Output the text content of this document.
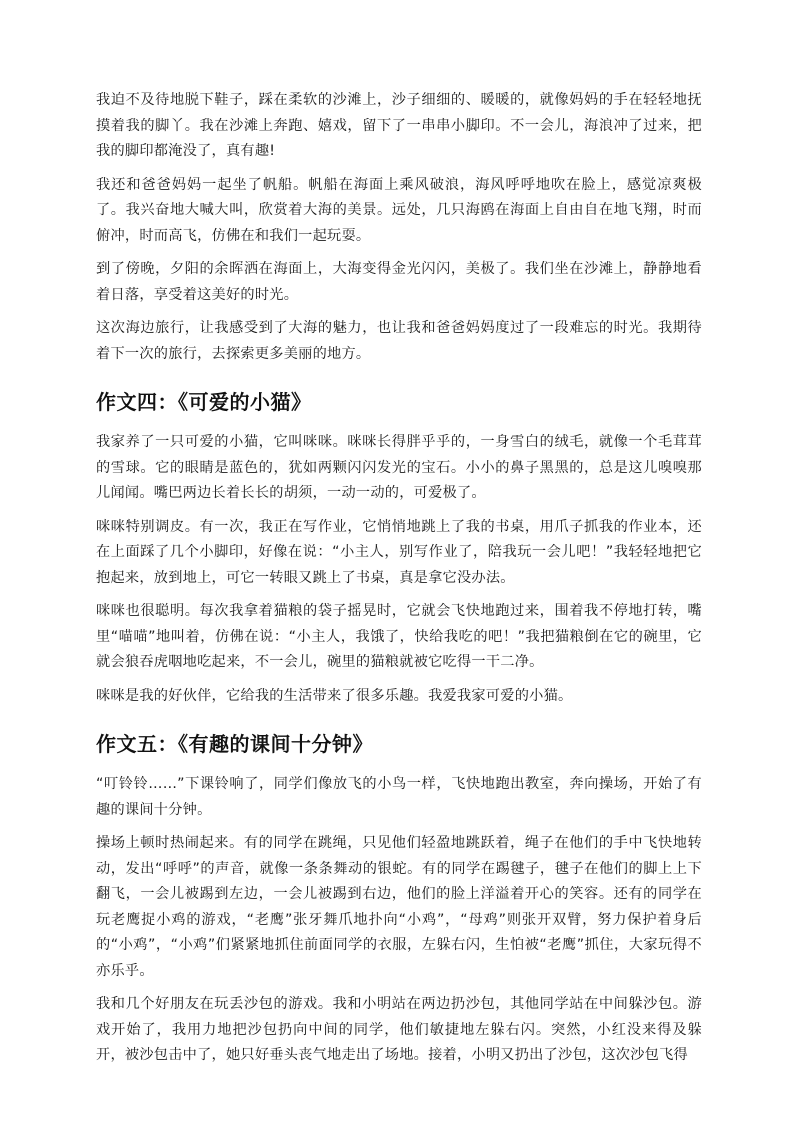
我迫不及待地脱下鞋子，踩在柔软的沙滩上，沙子细细的、暖暖的，就像妈妈的手在轻轻地抚摸着我的脚丫。我在沙滩上奔跑、嬉戏，留下了一串串小脚印。不一会儿，海浪冲了过来，把我的脚印都淹没了，真有趣!

我还和爸爸妈妈一起坐了帆船。帆船在海面上乘风破浪，海风呼呼地吹在脸上，感觉凉爽极了。我兴奋地大喊大叫，欣赏着大海的美景。远处，几只海鸥在海面上自由自在地飞翔，时而俯冲，时而高飞，仿佛在和我们一起玩耍。

到了傍晚，夕阳的余晖洒在海面上，大海变得金光闪闪，美极了。我们坐在沙滩上，静静地看着日落，享受着这美好的时光。

这次海边旅行，让我感受到了大海的魅力，也让我和爸爸妈妈度过了一段难忘的时光。我期待着下一次的旅行，去探索更多美丽的地方。

作文四：《可爱的小猫》

我家养了一只可爱的小猫，它叫咪咪。咪咪长得胖乎乎的，一身雪白的绒毛，就像一个毛茸茸的雪球。它的眼睛是蓝色的，犹如两颗闪闪发光的宝石。小小的鼻子黑黑的，总是这儿嗅嗅那儿闻闻。嘴巴两边长着长长的胡须，一动一动的，可爱极了。

咪咪特别调皮。有一次，我正在写作业，它悄悄地跳上了我的书桌，用爪子抓我的作业本，还在上面踩了几个小脚印，好像在说：“小主人，别写作业了，陪我玩一会儿吧！”我轻轻地把它抱起来，放到地上，可它一转眼又跳上了书桌，真是拿它没办法。

咪咪也很聪明。每次我拿着猫粮的袋子摇晃时，它就会飞快地跑过来，围着我不停地打转，嘴里“喵喵”地叫着，仿佛在说：“小主人，我饿了，快给我吃的吧！”我把猫粮倒在它的碗里，它就会狼吞虎咽地吃起来，不一会儿，碗里的猫粮就被它吃得一干二净。

咪咪是我的好伙伴，它给我的生活带来了很多乐趣。我爱我家可爱的小猫。

作文五：《有趣的课间十分钟》

“叮铃铃……”下课铃响了，同学们像放飞的小鸟一样，飞快地跑出教室，奔向操场，开始了有趣的课间十分钟。

操场上顿时热闹起来。有的同学在跳绳，只见他们轻盈地跳跃着，绳子在他们的手中飞快地转动，发出“呼呼”的声音，就像一条条舞动的银蛇。有的同学在踢毽子，毽子在他们的脚上上下翻飞，一会儿被踢到左边，一会儿被踢到右边，他们的脸上洋溢着开心的笑容。还有的同学在玩老鹰捉小鸡的游戏，“老鹰”张牙舞爪地扑向“小鸡”，“母鸡”则张开双臂，努力保护着身后的“小鸡”，“小鸡”们紧紧地抓住前面同学的衣服，左躲右闪，生怕被“老鹰”抓住，大家玩得不亦乐乎。

我和几个好朋友在玩丢沙包的游戏。我和小明站在两边扔沙包，其他同学站在中间躲沙包。游戏开始了，我用力地把沙包扔向中间的同学，他们敏捷地左躲右闪。突然，小红没来得及躲开，被沙包击中了，她只好垂头丧气地走出了场地。接着，小明又扔出了沙包，这次沙包飞得
